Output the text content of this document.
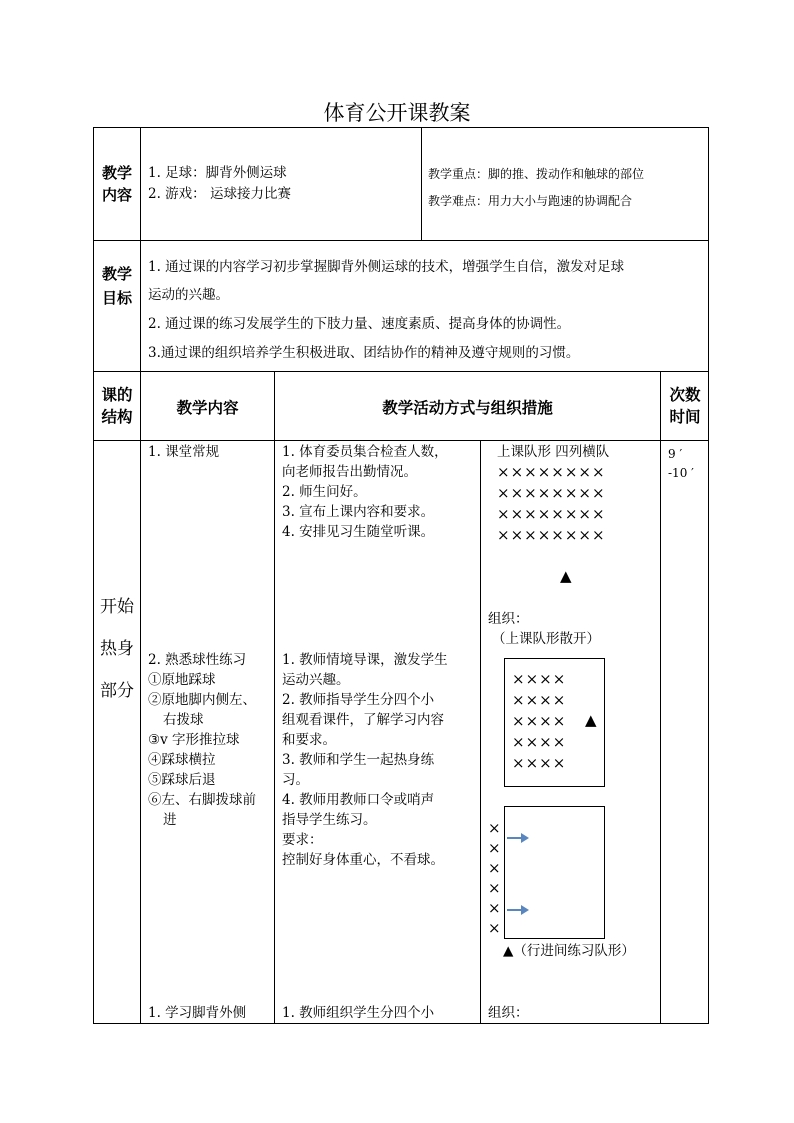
体育公开课教案
教学内容
1. 足球：脚背外侧运球
2. 游戏： 运球接力比赛
教学重点：脚的推、拨动作和触球的部位
教学难点：用力大小与跑速的协调配合
教学目标
1. 通过课的内容学习初步掌握脚背外侧运球的技术，增强学生自信，激发对足球
运动的兴趣。
2. 通过课的练习发展学生的下肢力量、速度素质、提高身体的协调性。
3.通过课的组织培养学生积极进取、团结协作的精神及遵守规则的习惯。
课的结构	教学内容	教学活动方式与组织措施
次数时间
开始热身部分
9 ′
-10 ′
1. 课堂常规
2. 熟悉球性练习
①原地踩球
②原地脚内侧左、
右拨球
③v 字形推拉球
④踩球横拉
⑤踩球后退
⑥左、右脚拨球前
进
1. 学习脚背外侧
1. 体育委员集合检查人数，
向老师报告出勤情况。
2. 师生问好。
3. 宣布上课内容和要求。
4. 安排见习生随堂听课。
1. 教师情境导课，激发学生
运动兴趣。
2. 教师指导学生分四个小
组观看课件，了解学习内容
和要求。
3. 教师和学生一起热身练
习。
4. 教师用教师口令或哨声
指导学生练习。
要求：
控制好身体重心，不看球。
1. 教师组织学生分四个小
上课队形 四列横队
××××××××
××××××××
××××××××
××××××××
▲
组织：
（上课队形散开）
××××
××××
××××
××××
××××
▲
×
×
×
×
×
×
▲（行进间练习队形）
组织：
